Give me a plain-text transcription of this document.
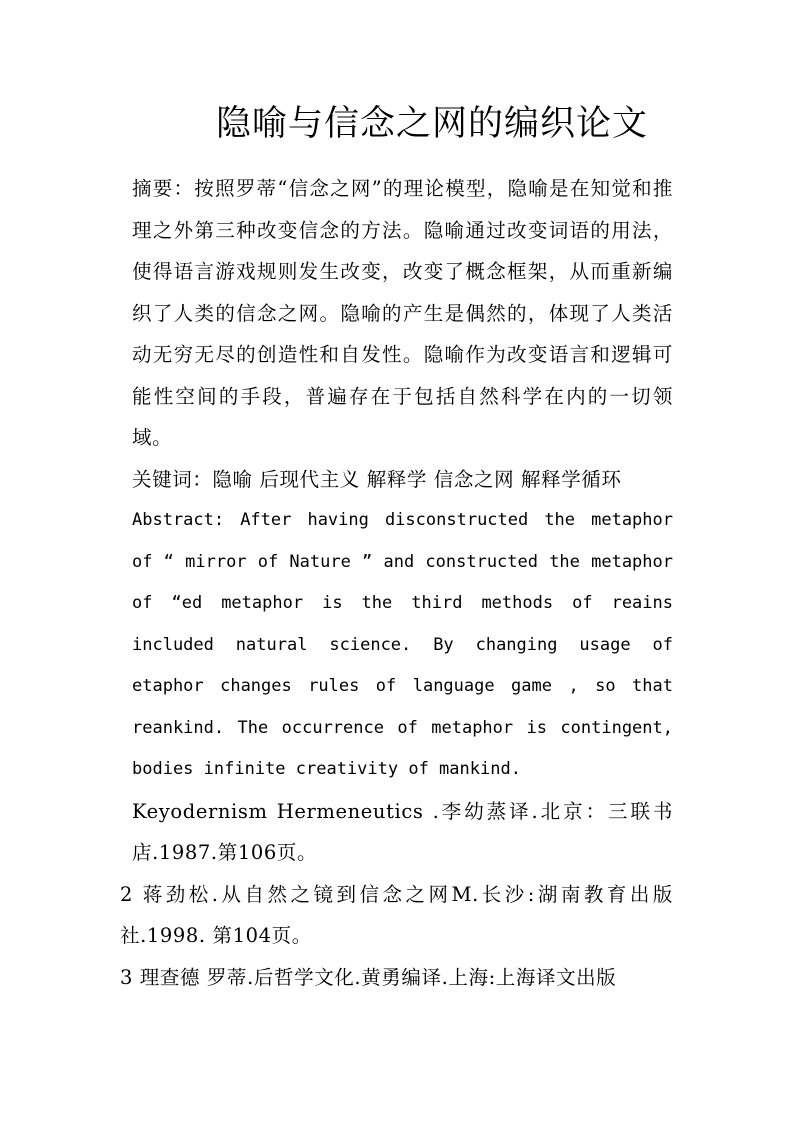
隐喻与信念之网的编织论文

摘要：按照罗蒂“信念之网”的理论模型，隐喻是在知觉和推理之外第三种改变信念的方法。隐喻通过改变词语的用法，使得语言游戏规则发生改变，改变了概念框架，从而重新编织了人类的信念之网。隐喻的产生是偶然的，体现了人类活动无穷无尽的创造性和自发性。隐喻作为改变语言和逻辑可能性空间的手段，普遍存在于包括自然科学在内的一切领域。

关键词：隐喻 后现代主义 解释学 信念之网 解释学循环

Abstract: After having disconstructed the metaphor of “ mirror of Nature ” and constructed the metaphor of “ed metaphor is the third methods of reains included natural science. By changing usage of etaphor changes rules of language game , so that reankind. The occurrence of metaphor is contingent, bodies infinite creativity of mankind.

Keyodernism Hermeneutics .李幼蒸译.北京：三联书店.1987.第106页。

2 蒋劲松.从自然之镜到信念之网M.长沙:湖南教育出版社.1998. 第104页。

3 理查德 罗蒂.后哲学文化.黄勇编译.上海:上海译文出版
